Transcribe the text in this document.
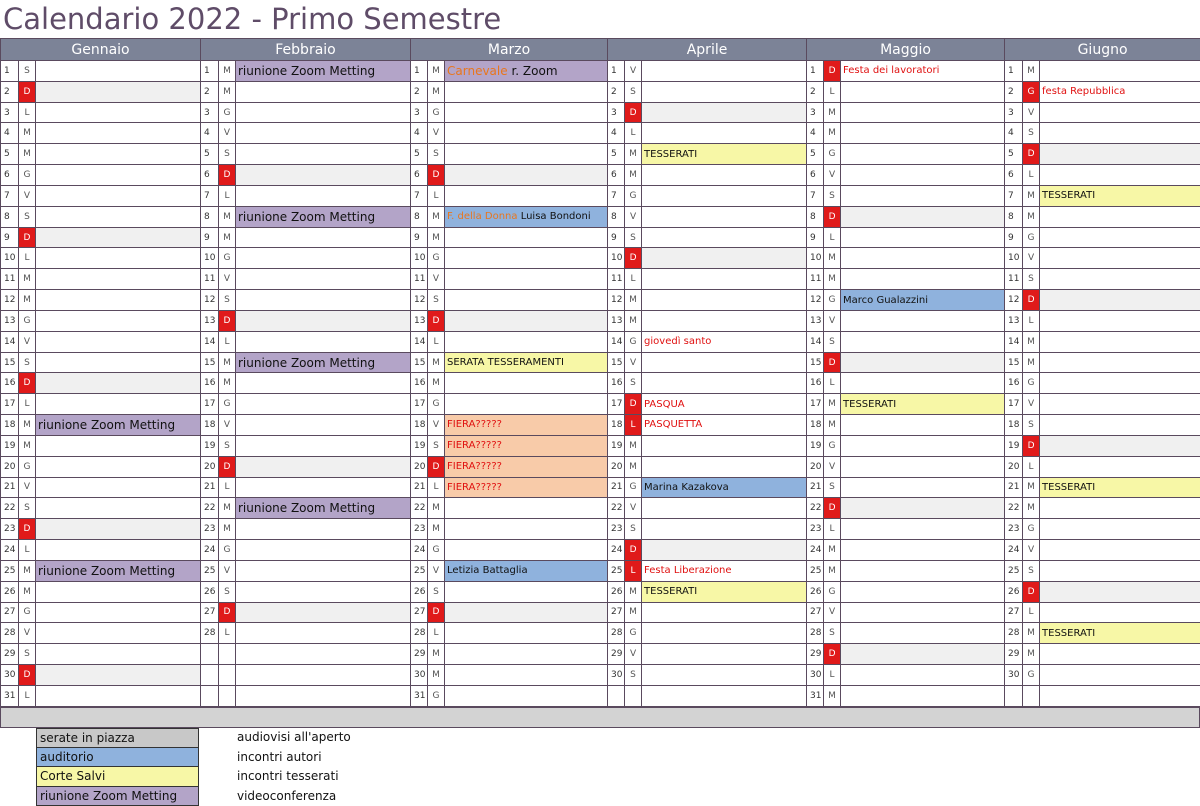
Calendario 2022 - Primo Semestre
Gennaio			Febbraio			Marzo			Aprile			Maggio			Giugno		
1	S		1	M	riunione Zoom Metting	1	M	Carnevale r. Zoom	1	V		1	D	Festa dei lavoratori	1	M	
2	D		2	M		2	M		2	S		2	L		2	G	festa Repubblica
3	L		3	G		3	G		3	D		3	M		3	V	
4	M		4	V		4	V		4	L		4	M		4	S	
5	M		5	S		5	S		5	M	TESSERATI	5	G		5	D	
6	G		6	D		6	D		6	M		6	V		6	L	
7	V		7	L		7	L		7	G		7	S		7	M	TESSERATI
8	S		8	M	riunione Zoom Metting	8	M	F. della Donna Luisa Bondoni	8	V		8	D		8	M	
9	D		9	M		9	M		9	S		9	L		9	G	
10	L		10	G		10	G		10	D		10	M		10	V	
11	M		11	V		11	V		11	L		11	M		11	S	
12	M		12	S		12	S		12	M		12	G	Marco Gualazzini	12	D	
13	G		13	D		13	D		13	M		13	V		13	L	
14	V		14	L		14	L		14	G	giovedì santo	14	S		14	M	
15	S		15	M	riunione Zoom Metting	15	M	SERATA TESSERAMENTI	15	V		15	D		15	M	
16	D		16	M		16	M		16	S		16	L		16	G	
17	L		17	G		17	G		17	D	PASQUA	17	M	TESSERATI	17	V	
18	M	riunione Zoom Metting	18	V		18	V	FIERA?????	18	L	PASQUETTA	18	M		18	S	
19	M		19	S		19	S	FIERA?????	19	M		19	G		19	D	
20	G		20	D		20	D	FIERA?????	20	M		20	V		20	L	
21	V		21	L		21	L	FIERA?????	21	G	Marina Kazakova	21	S		21	M	TESSERATI
22	S		22	M	riunione Zoom Metting	22	M		22	V		22	D		22	M	
23	D		23	M		23	M		23	S		23	L		23	G	
24	L		24	G		24	G		24	D		24	M		24	V	
25	M	riunione Zoom Metting	25	V		25	V	Letizia Battaglia	25	L	Festa Liberazione	25	M		25	S	
26	M		26	S		26	S		26	M	TESSERATI	26	G		26	D	
27	G		27	D		27	D		27	M		27	V		27	L	
28	V		28	L		28	L		28	G		28	S		28	M	TESSERATI
29	S					29	M		29	V		29	D		29	M	
30	D					30	M		30	S		30	L		30	G	
31	L					31	G					31	M				
serate in piazza	audiovisi all'aperto
auditorio	incontri autori
Corte Salvi	incontri tesserati
riunione Zoom Metting	videoconferenza
